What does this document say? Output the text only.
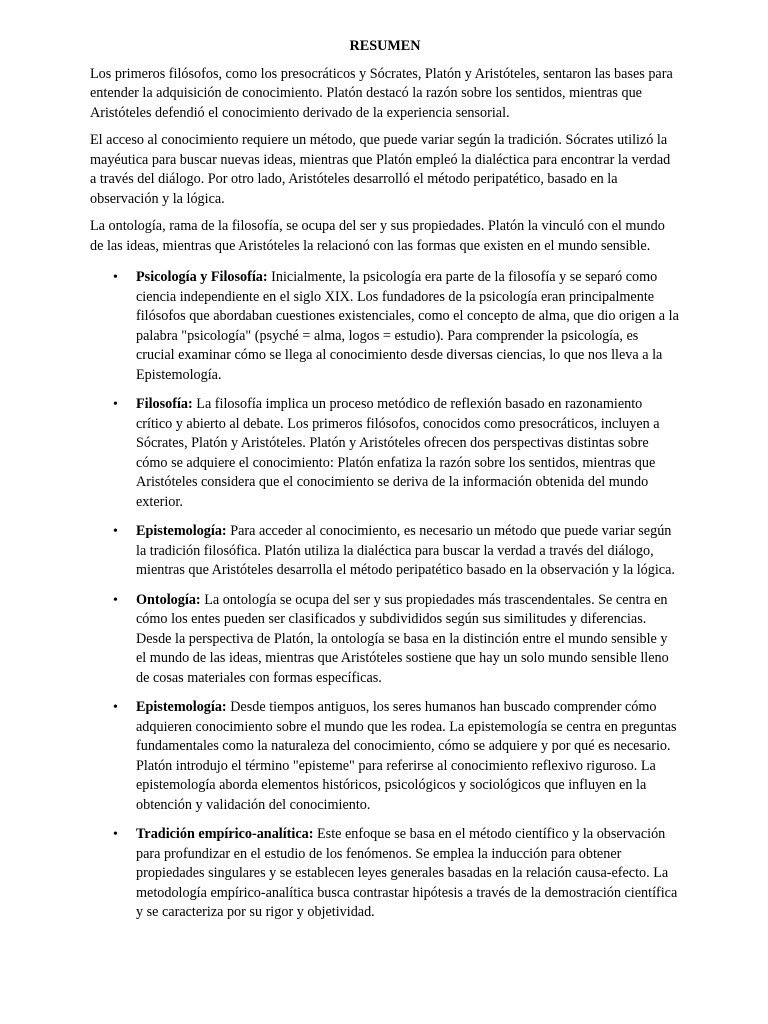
RESUMEN

Los primeros filósofos, como los presocráticos y Sócrates, Platón y Aristóteles, sentaron las bases para entender la adquisición de conocimiento. Platón destacó la razón sobre los sentidos, mientras que Aristóteles defendió el conocimiento derivado de la experiencia sensorial.

El acceso al conocimiento requiere un método, que puede variar según la tradición. Sócrates utilizó la mayéutica para buscar nuevas ideas, mientras que Platón empleó la dialéctica para encontrar la verdad a través del diálogo. Por otro lado, Aristóteles desarrolló el método peripatético, basado en la observación y la lógica.

La ontología, rama de la filosofía, se ocupa del ser y sus propiedades. Platón la vinculó con el mundo de las ideas, mientras que Aristóteles la relacionó con las formas que existen en el mundo sensible.

• Psicología y Filosofía: Inicialmente, la psicología era parte de la filosofía y se separó como ciencia independiente en el siglo XIX. Los fundadores de la psicología eran principalmente filósofos que abordaban cuestiones existenciales, como el concepto de alma, que dio origen a la palabra "psicología" (psyché = alma, logos = estudio). Para comprender la psicología, es crucial examinar cómo se llega al conocimiento desde diversas ciencias, lo que nos lleva a la Epistemología.
• Filosofía: La filosofía implica un proceso metódico de reflexión basado en razonamiento crítico y abierto al debate. Los primeros filósofos, conocidos como presocráticos, incluyen a Sócrates, Platón y Aristóteles. Platón y Aristóteles ofrecen dos perspectivas distintas sobre cómo se adquiere el conocimiento: Platón enfatiza la razón sobre los sentidos, mientras que Aristóteles considera que el conocimiento se deriva de la información obtenida del mundo exterior.
• Epistemología: Para acceder al conocimiento, es necesario un método que puede variar según la tradición filosófica. Platón utiliza la dialéctica para buscar la verdad a través del diálogo, mientras que Aristóteles desarrolla el método peripatético basado en la observación y la lógica.
• Ontología: La ontología se ocupa del ser y sus propiedades más trascendentales. Se centra en cómo los entes pueden ser clasificados y subdivididos según sus similitudes y diferencias. Desde la perspectiva de Platón, la ontología se basa en la distinción entre el mundo sensible y el mundo de las ideas, mientras que Aristóteles sostiene que hay un solo mundo sensible lleno de cosas materiales con formas específicas.
• Epistemología: Desde tiempos antiguos, los seres humanos han buscado comprender cómo adquieren conocimiento sobre el mundo que les rodea. La epistemología se centra en preguntas fundamentales como la naturaleza del conocimiento, cómo se adquiere y por qué es necesario. Platón introdujo el término "episteme" para referirse al conocimiento reflexivo riguroso. La epistemología aborda elementos históricos, psicológicos y sociológicos que influyen en la obtención y validación del conocimiento.
• Tradición empírico-analítica: Este enfoque se basa en el método científico y la observación para profundizar en el estudio de los fenómenos. Se emplea la inducción para obtener propiedades singulares y se establecen leyes generales basadas en la relación causa-efecto. La metodología empírico-analítica busca contrastar hipótesis a través de la demostración científica y se caracteriza por su rigor y objetividad.
